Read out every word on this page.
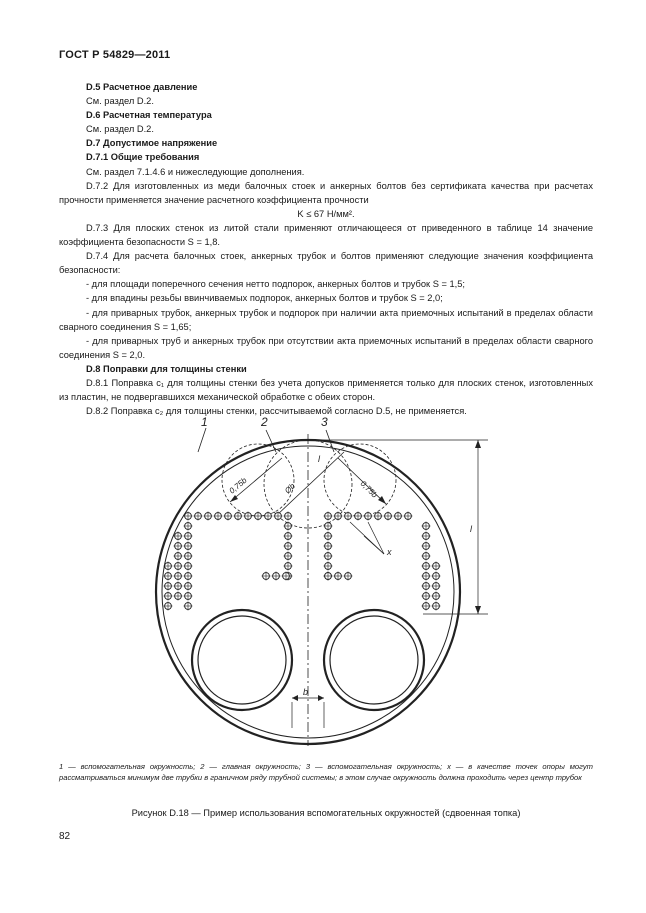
ГОСТ Р 54829—2011

D.5 Расчетное давление

См. раздел D.2.

D.6 Расчетная температура

См. раздел D.2.

D.7 Допустимое напряжение

D.7.1 Общие требования

См. раздел 7.1.4.6 и нижеследующие дополнения.

D.7.2 Для изготовленных из меди балочных стоек и анкерных болтов без сертификата качества при расчетах прочности применяется значение расчетного коэффициента прочности

K ≤ 67 Н/мм².

D.7.3 Для плоских стенок из литой стали применяют отличающееся от приведенного в таблице 14 значение коэффициента безопасности S = 1,8.

D.7.4 Для расчета балочных стоек, анкерных трубок и болтов применяют следующие значения коэффициента безопасности:

- для площади поперечного сечения нетто подпорок, анкерных болтов и трубок S = 1,5;

- для впадины резьбы ввинчиваемых подпорок, анкерных болтов и трубок S = 2,0;

- для приварных трубок, анкерных трубок и подпорок при наличии акта приемочных испытаний в пределах области сварного соединения S = 1,65;

- для приварных труб и анкерных трубок при отсутствии акта приемочных испытаний в пределах области сварного соединения S = 2,0.

D.8 Поправки для толщины стенки

D.8.1 Поправка c₁ для толщины стенки без учета допусков применяется только для плоских стенок, изготовленных из пластин, не подвергавшихся механической обработке с обеих сторон.

D.8.2 Поправка c₂ для толщины стенки, рассчитываемой согласно D.5, не применяется.

1	2	3
0,75b	0,75b
Øb
l
l
x
b
1 — вспомогательная окружность; 2 — главная окружность; 3 — вспомогательная окружность; x — в качестве точек опоры могут рассматриваться минимум две трубки в граничном ряду трубной системы; в этом случае окружность должна проходить через центр трубок
Рисунок D.18 — Пример использования вспомогательных окружностей (сдвоенная топка)
82
